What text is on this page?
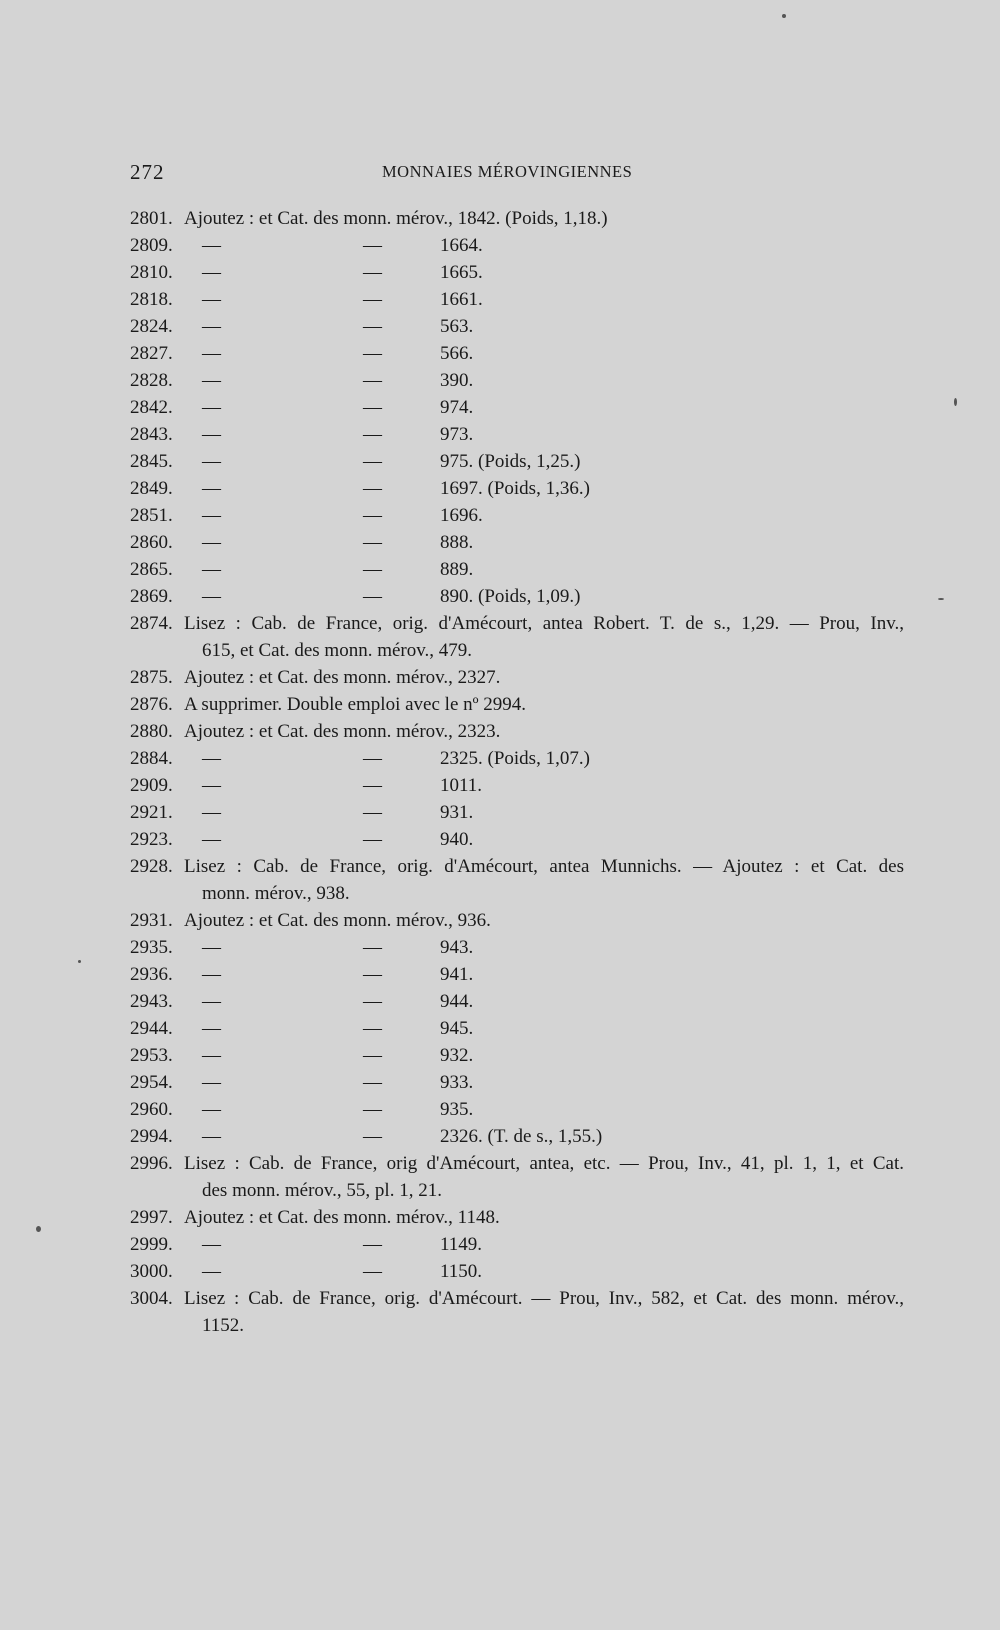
272	MONNAIES MÉROVINGIENNES
2801. Ajoutez : et Cat. des monn. mérov., 1842. (Poids, 1,18.)
2809. —	—	1664.
2810. —	—	1665.
2818. —	—	1661.
2824. —	—	563.
2827. —	—	566.
2828. —	—	390.
2842. —	—	974.
2843. —	—	973.
2845. —	—	975. (Poids, 1,25.)
2849. —	—	1697. (Poids, 1,36.)
2851. —	—	1696.
2860. —	—	888.
2865. —	—	889.
2869. —	—	890. (Poids, 1,09.)
2874. Lisez : Cab. de France, orig. d'Amécourt, antea Robert. T. de s., 1,29. — Prou, Inv.,
615, et Cat. des monn. mérov., 479.
2875. Ajoutez : et Cat. des monn. mérov., 2327.
2876. A supprimer. Double emploi avec le nº 2994.
2880. Ajoutez : et Cat. des monn. mérov., 2323.
2884. —	—	2325. (Poids, 1,07.)
2909. —	—	1011.
2921. —	—	931.
2923. —	—	940.
2928. Lisez : Cab. de France, orig. d'Amécourt, antea Munnichs. — Ajoutez : et Cat. des
monn. mérov., 938.
2931. Ajoutez : et Cat. des monn. mérov., 936.
2935. —	—	943.
2936. —	—	941.
2943. —	—	944.
2944. —	—	945.
2953. —	—	932.
2954. —	—	933.
2960. —	—	935.
2994. —	—	2326. (T. de s., 1,55.)
2996. Lisez : Cab. de France, orig d'Amécourt, antea, etc. — Prou, Inv., 41, pl. 1, 1, et Cat.
des monn. mérov., 55, pl. 1, 21.
2997. Ajoutez : et Cat. des monn. mérov., 1148.
2999. —	—	1149.
3000. —	—	1150.
3004. Lisez : Cab. de France, orig. d'Amécourt. — Prou, Inv., 582, et Cat. des monn. mérov.,
1152.
